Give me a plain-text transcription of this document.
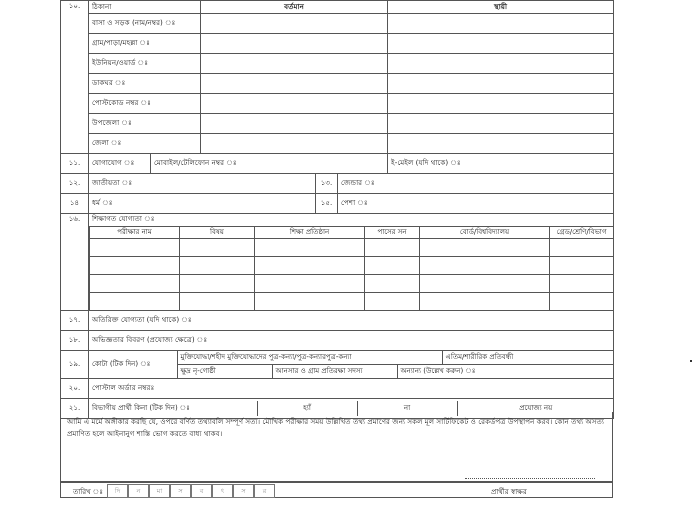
১০.	ঠিকানা	বর্তমান	স্থায়ী
বাসা ও সড়ক (নাম/নম্বর) ঃ		
গ্রাম/পাড়া/মহল্লা ঃ		
ইউনিয়ন/ওয়ার্ড ঃ		
ডাকঘর ঃ		
পোস্টকোড নম্বর ঃ		
উপজেলা ঃ		
জেলা ঃ		
১১.	যোগাযোগ ঃ	মোবাইল/টেলিফোন নম্বর ঃ	ই-মেইল (যদি থাকে) ঃ
১২.	জাতীয়তা ঃ	১৩.	জেন্ডার ঃ
১৪	ধর্ম ঃ	১৫.	পেশা ঃ
১৬.	শিক্ষাগত যোগ্যতা ঃ
পরীক্ষার নাম	বিষয়	শিক্ষা প্রতিষ্ঠান	পাসের সন	বোর্ড/বিশ্ববিদ্যালয়	গ্রেড/শ্রেণি/বিভাগ

১৭.	অতিরিক্ত যোগ্যতা (যদি থাকে) ঃ
১৮.	অভিজ্ঞতার বিবরণ (প্রযোজ্য ক্ষেত্রে) ঃ
১৯.	কোটা (টিক দিন) ঃ	মুক্তিযোদ্ধা/শহীদ মুক্তিযোদ্ধাদের পুত্র-কন্যা/পুত্র-কন্যারপুত্র-কন্যা	এতিম/শারীরিক প্রতিবন্ধী
ক্ষুদ্র নৃ-গোষ্ঠী	আনসার ও গ্রাম প্রতিরক্ষা সদস্য	অন্যান্য (উল্লেখ করুন) ঃ

২০.	পোস্টাল অর্ডার নম্বরঃ
২১.	বিভাগীয় প্রার্থী কিনা (টিক দিন) ঃ	হ্যাঁ	না	প্রযোজ্য নয়
আমি এ মর্মে অঙ্গীকার করছি যে, ওপরে বর্ণিত তথ্যাবলি সম্পূর্ণ সত্য। মৌখিক পরীক্ষার সময় উল্লিখিত তথ্য প্রমাণের জন্য সকল মূল সার্টিফিকেট ও রেকর্ডপত্র উপস্থাপন করব। কোন তথ্য অসত্য প্রমাণিত হলে আইনানুগ শাস্তি ভোগ করতে বাধ্য থাকব।
তারিখ ঃ	দি	ন	মা	স	ব	ৎ	স	র	প্রার্থীর স্বাক্ষর
